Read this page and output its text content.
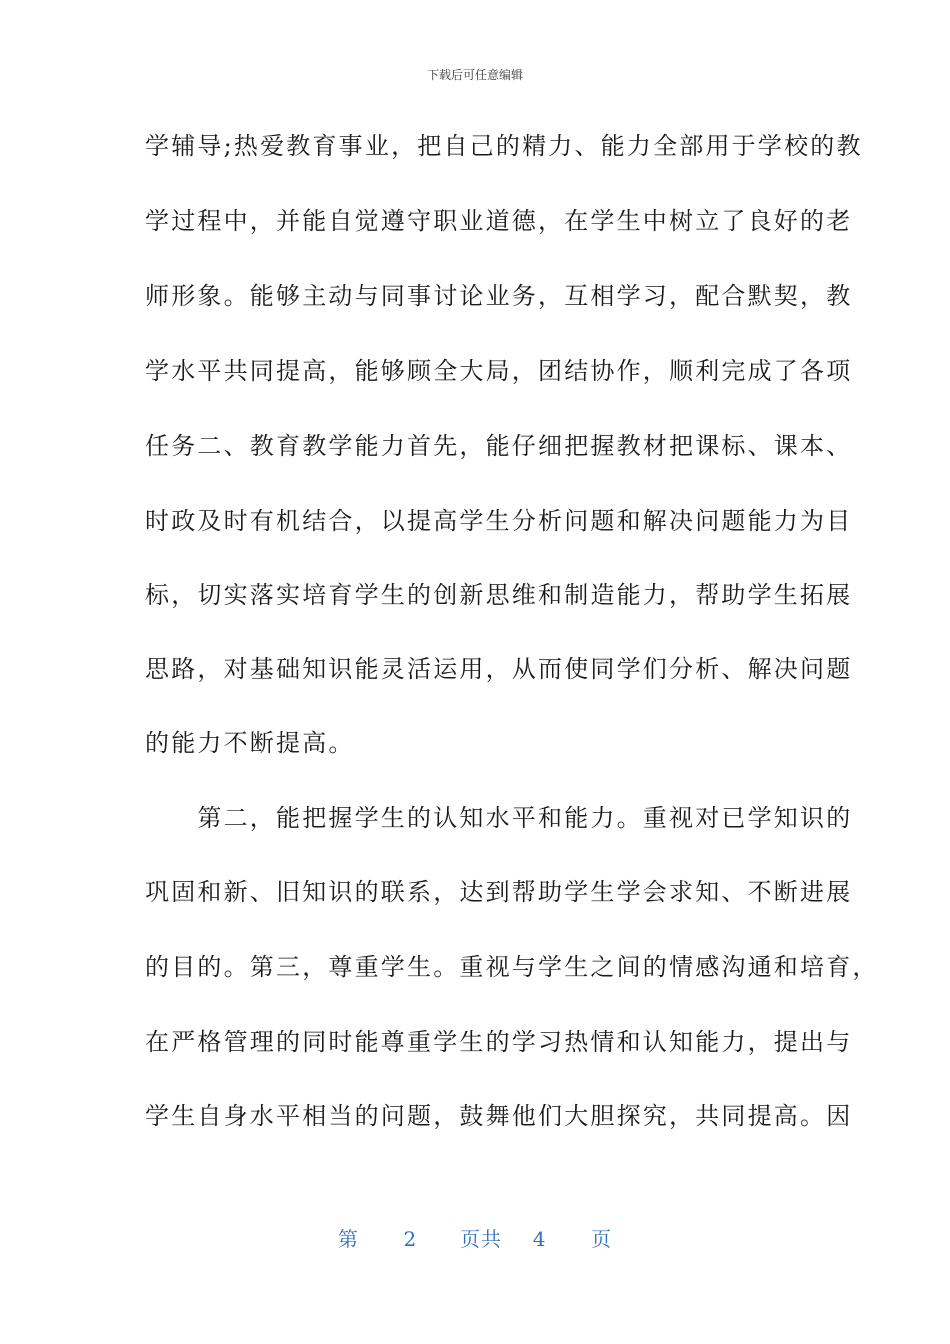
下载后可任意编辑
学辅导;热爱教育事业，把自己的精力、能力全部用于学校的教
学过程中，并能自觉遵守职业道德，在学生中树立了良好的老
师形象。能够主动与同事讨论业务，互相学习，配合默契，教
学水平共同提高，能够顾全大局，团结协作，顺利完成了各项
任务二、教育教学能力首先，能仔细把握教材把课标、课本、
时政及时有机结合，以提高学生分析问题和解决问题能力为目
标，切实落实培育学生的创新思维和制造能力，帮助学生拓展
思路，对基础知识能灵活运用，从而使同学们分析、解决问题
的能力不断提高。
　　第二，能把握学生的认知水平和能力。重视对已学知识的
巩固和新、旧知识的联系，达到帮助学生学会求知、不断进展
的目的。第三，尊重学生。重视与学生之间的情感沟通和培育，
在严格管理的同时能尊重学生的学习热情和认知能力，提出与
学生自身水平相当的问题，鼓舞他们大胆探究，共同提高。因
第 2 页共 4 页
